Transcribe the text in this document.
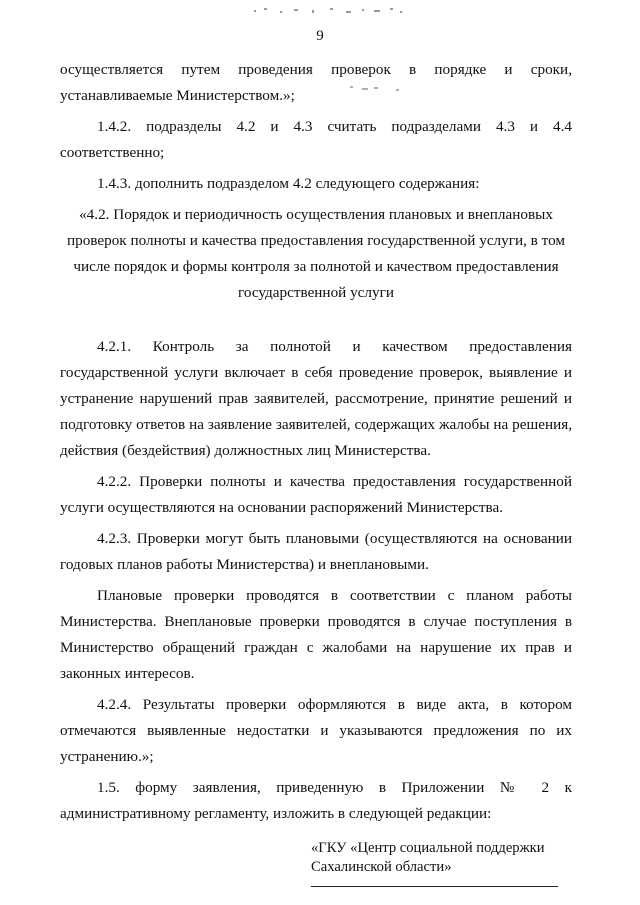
9

осуществляется путем проведения проверок в порядке и сроки, устанавливаемые Министерством.»;

1.4.2. подразделы 4.2 и 4.3 считать подразделами 4.3 и 4.4 соответственно;

1.4.3. дополнить подразделом 4.2 следующего содержания:

«4.2. Порядок и периодичность осуществления плановых и внеплановых проверок полноты и качества предоставления государственной услуги, в том числе порядок и формы контроля за полнотой и качеством предоставления государственной услуги

4.2.1. Контроль за полнотой и качеством предоставления государственной услуги включает в себя проведение проверок, выявление и устранение нарушений прав заявителей, рассмотрение, принятие решений и подготовку ответов на заявление заявителей, содержащих жалобы на решения, действия (бездействия) должностных лиц Министерства.

4.2.2. Проверки полноты и качества предоставления государственной услуги осуществляются на основании распоряжений Министерства.

4.2.3. Проверки могут быть плановыми (осуществляются на основании годовых планов работы Министерства) и внеплановыми.

Плановые проверки проводятся в соответствии с планом работы Министерства. Внеплановые проверки проводятся в случае поступления в Министерство обращений граждан с жалобами на нарушение их прав и законных интересов.

4.2.4. Результаты проверки оформляются в виде акта, в котором отмечаются выявленные недостатки и указываются предложения по их устранению.»;

1.5. форму заявления, приведенную в Приложении № 2 к административному регламенту, изложить в следующей редакции:

«ГКУ «Центр социальной поддержки
Сахалинской области»
